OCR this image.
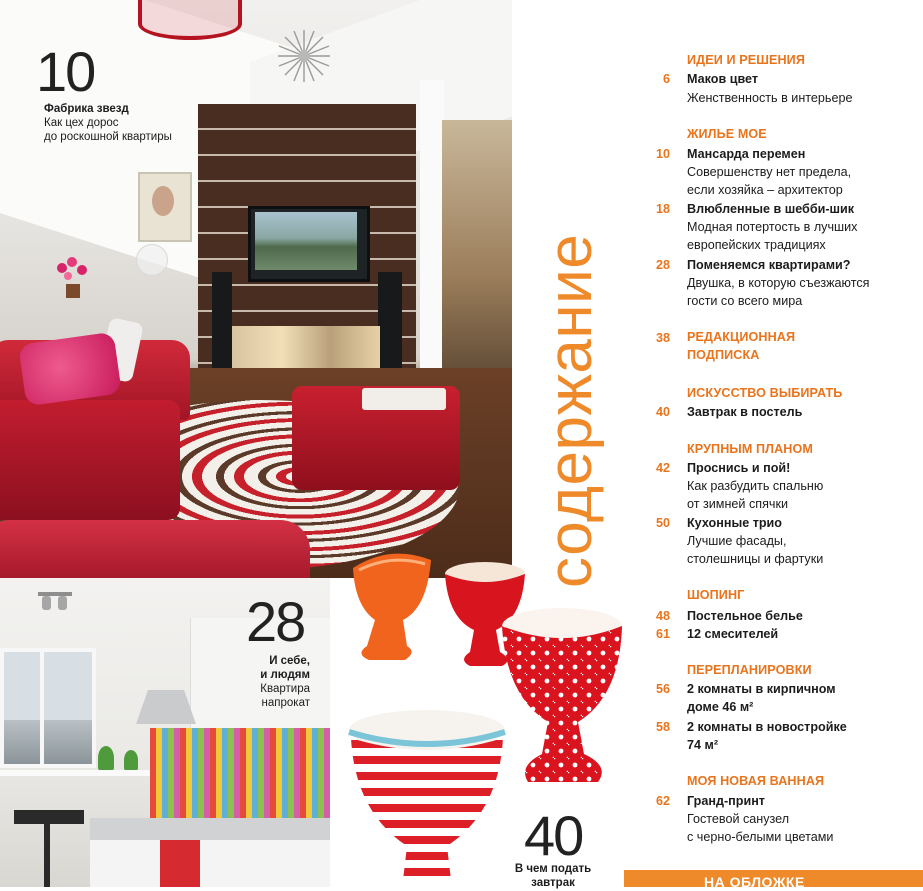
10
Фабрика звезд
Как цех дорос
до роскошной квартиры
28
И себе,
и людям
Квартира
напрокат
40
В чем подать
завтрак
содержание
ИДЕИ И РЕШЕНИЯ
6 Маков цвет
Женственность в интерьере
ЖИЛЬЕ МОЕ
10 Мансарда перемен
Совершенству нет предела,
если хозяйка – архитектор
18 Влюбленные в шебби-шик
Модная потертость в лучших
европейских традициях
28 Поменяемся квартирами?
Двушка, в которую съезжаются
гости со всего мира
38 РЕДАКЦИОННАЯ
ПОДПИСКА
ИСКУССТВО ВЫБИРАТЬ
40 Завтрак в постель
КРУПНЫМ ПЛАНОМ
42 Проснись и пой!
Как разбудить спальню
от зимней спячки
50 Кухонные трио
Лучшие фасады,
столешницы и фартуки
ШОПИНГ
48 Постельное белье
61 12 смесителей
ПЕРЕПЛАНИРОВКИ
56 2 комнаты в кирпичном
доме 46 м²
58 2 комнаты в новостройке
74 м²
МОЯ НОВАЯ ВАННАЯ
62 Гранд-принт
Гостевой санузел
с черно-белыми цветами
НА ОБЛОЖКЕ
